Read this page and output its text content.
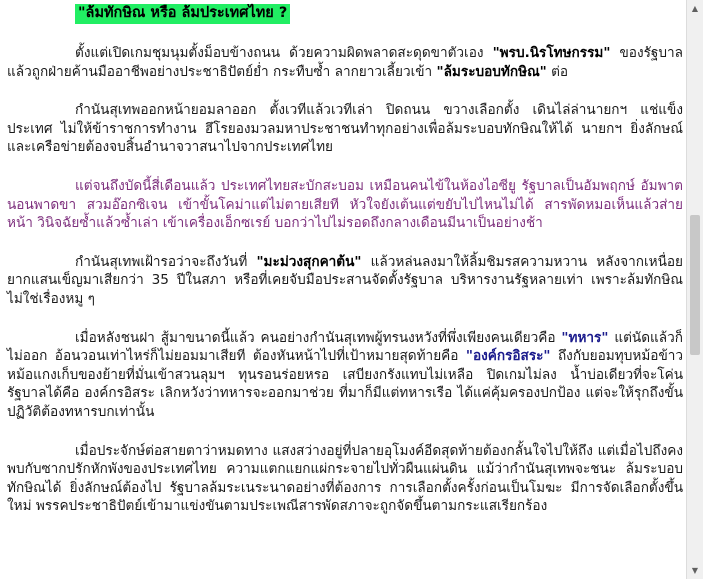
"ล้มทักษิณ หรือ ล้มประเทศไทย ?

ตั้งแต่เปิดเกมชุมนุมตั้งม็อบข้างถนน ด้วยความผิดพลาดสะดุดขาตัวเอง "พรบ.นิรโทษกรรม" ของรัฐบาล แล้วถูกฝ่ายค้านมืออาชีพอย่างประชาธิปัตย์ย่ำ กระทืบซ้ำ ลากยาวเลี้ยวเข้า "ล้มระบอบทักษิณ" ต่อ

กำนันสุเทพออกหน้ายอมลาออก ตั้งเวทีแล้วเวทีเล่า ปิดถนน ขวางเลือกตั้ง เดินไล่ล่านายกฯ แช่แข็งประเทศ ไม่ให้ข้าราชการทำงาน ฮึโรยองมวลมหาประชาชนทำทุกอย่างเพื่อล้มระบอบทักษิณให้ได้ นายกฯ ยิ่งลักษณ์และเครือข่ายต้องจบสิ้นอำนาจวาสนาไปจากประเทศไทย

แต่จนถึงบัดนี้สี่เดือนแล้ว ประเทศไทยสะบักสะบอม เหมือนคนไข้ในห้องไอซียู รัฐบาลเป็นอัมพฤกษ์ อัมพาต นอนพาดขา สวมอ๊อกซิเจน เข้าขั้นโคม่าแต่ไม่ตายเสียที หัวใจยังเต้นแต่ขยับไปไหนไม่ได้ สารพัดหมอเห็นแล้วส่ายหน้า วินิจฉัยซ้ำแล้วซ้ำเล่า เข้าเครื่องเอ็กซเรย์ บอกว่าไปไม่รอดถึงกลางเดือนมีนาเป็นอย่างช้า

กำนันสุเทพเฝ้ารอว่าจะถึงวันที่ "มะม่วงสุกคาต้น" แล้วหล่นลงมาให้ลิ้มชิมรสความหวาน หลังจากเหนื่อยยากแสนเข็ญมาเสียกว่า 35 ปีในสภา หรือที่เคยจับมือประสานจัดตั้งรัฐบาล บริหารงานรัฐหลายเท่า เพราะล้มทักษิณไม่ใช่เรื่องหมู ๆ

เมื่อหลังชนฝา สู้มาขนาดนี้แล้ว คนอย่างกำนันสุเทพผู้ทรนงหวังที่พึ่งเพียงคนเดียวคือ "ทหาร" แต่นัดแล้วก็ไม่ออก อ้อนวอนเท่าไหร่ก็ไม่ยอมมาเสียที ต้องหันหน้าไปที่เป้าหมายสุดท้ายคือ "องค์กรอิสระ" ถึงกับยอมทุบหม้อข้าวหม้อแกงเก็บของย้ายที่มั่นเข้าสวนลุมฯ ทุนรอนร่อยหรอ เสบียงกรังแทบไม่เหลือ ปิดเกมไม่ลง น้ำบ่อเดียวที่จะโค่นรัฐบาลได้คือ องค์กรอิสระ เลิกหวังว่าทหารจะออกมาช่วย ที่มาก็มีแต่ทหารเรือ ได้แค่คุ้มครองปกป้อง แต่จะให้รุกถึงขั้นปฏิวัติต้องทหารบกเท่านั้น

เมื่อประจักษ์ต่อสายตาว่าหมดทาง แสงสว่างอยู่ที่ปลายอุโมงค์อีดสุดท้ายต้องกลั้นใจไปให้ถึง แต่เมื่อไปถึงคงพบกับซากปรักหักพังของประเทศไทย ความแตกแยกแผ่กระจายไปทั่วผืนแผ่นดิน แม้ว่ากำนันสุเทพจะชนะ ล้มระบอบทักษิณได้ ยิ่งลักษณ์ต้องไป รัฐบาลล้มระเนระนาดอย่างที่ต้องการ การเลือกตั้งครั้งก่อนเป็นโมฆะ มีการจัดเลือกตั้งขึ้นใหม่ พรรคประชาธิปัตย์เข้ามาแข่งขันตามประเพณีสารพัดสภาจะถูกจัดขึ้นตามกระแสเรียกร้อง

▲
▼
